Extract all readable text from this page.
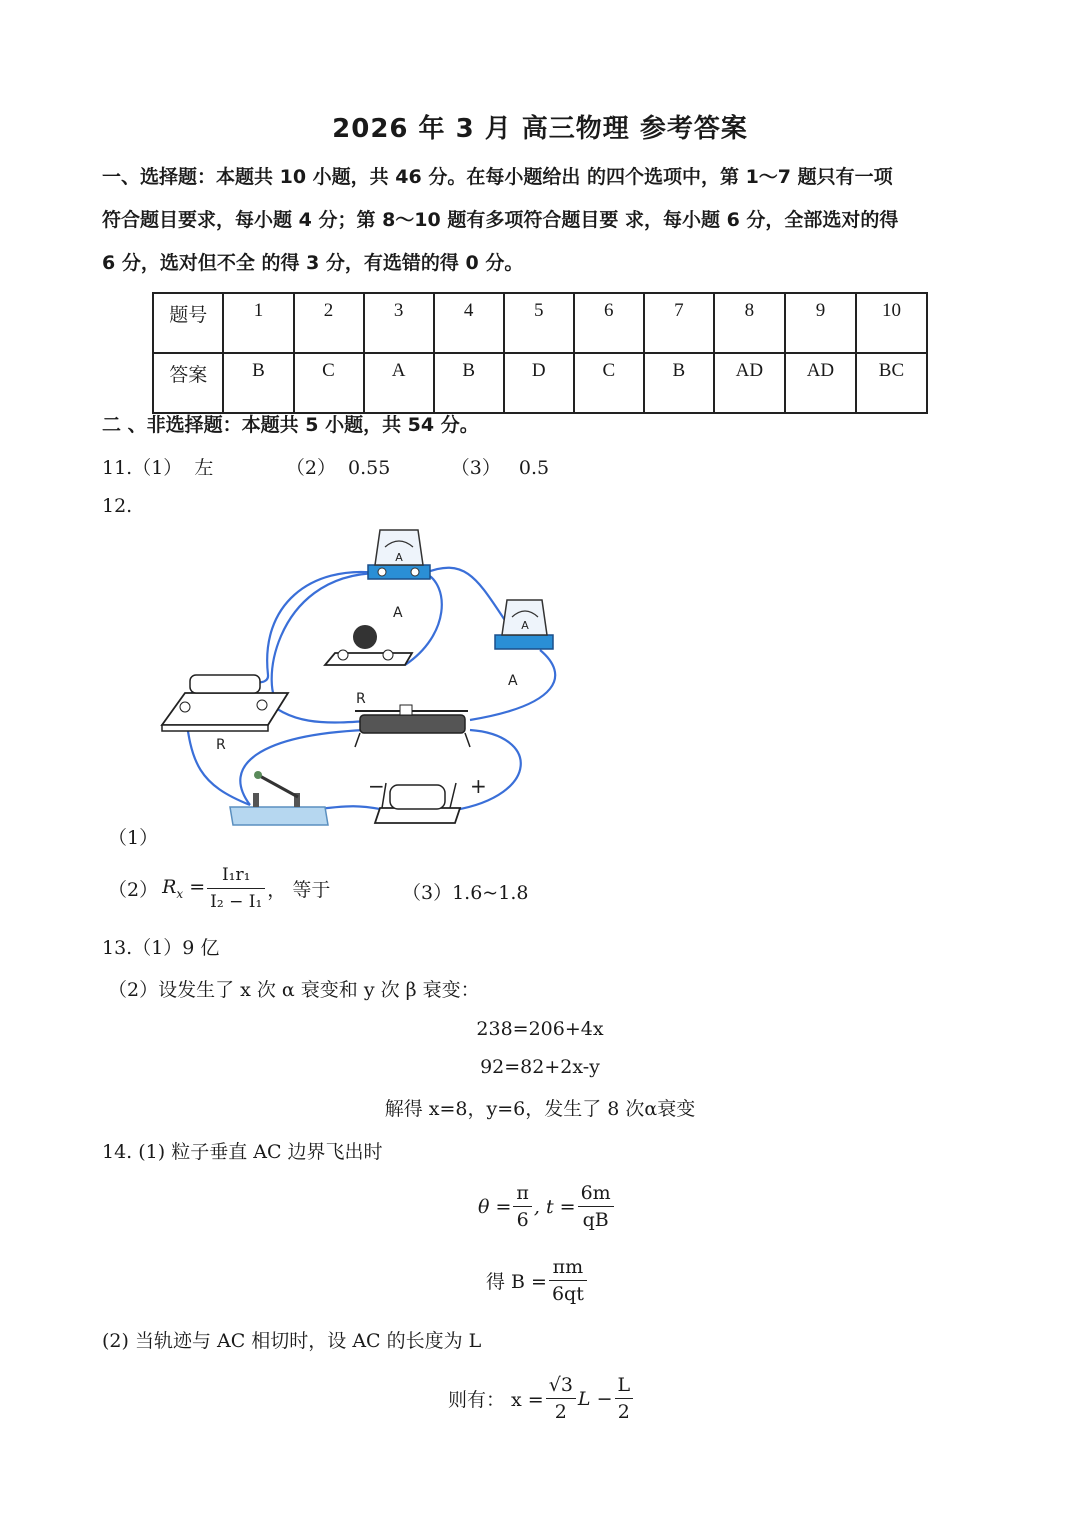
2026 年 3 月 高三物理 参考答案
一、选择题：本题共 10 小题，共 46 分。在每小题给出 的四个选项中，第 1～7 题只有一项
符合题目要求，每小题 4 分；第 8～10 题有多项符合题目要 求，每小题 6 分，全部选对的得
6 分，选对但不全 的得 3 分，有选错的得 0 分。
题号	1	2	3	4	5	6	7	8	9	10
答案	B	C	A	B	D	C	B	AD	AD	BC
二 、非选择题：本题共 5 小题，共 54 分。
11.（1）  左            （2）  0.55          （3）   0.5
12.
A
A
A
A
R
R
−	+
（1）
（2） $R_x = \frac{\text{I₁r₁}}{\text{I₂ − I₁}}$ ， 等于	（3）1.6~1.8
13.（1）9 亿
（2）设发生了 x 次 α 衰变和 y 次 β 衰变：
238=206+4x
92=82+2x-y
解得 x=8，y=6，发生了 8 次α衰变
14. (1) 粒子垂直 AC 边界飞出时
$\theta = \frac{\pi}{6}$ , $t = \frac{6m}{qB}$
得 $B = \frac{\pi m}{6qt}$
(2) 当轨迹与 AC 相切时，设 AC 的长度为 L
则有： $x = \frac{√3}{2}$ $L - \frac{L}{2}$
